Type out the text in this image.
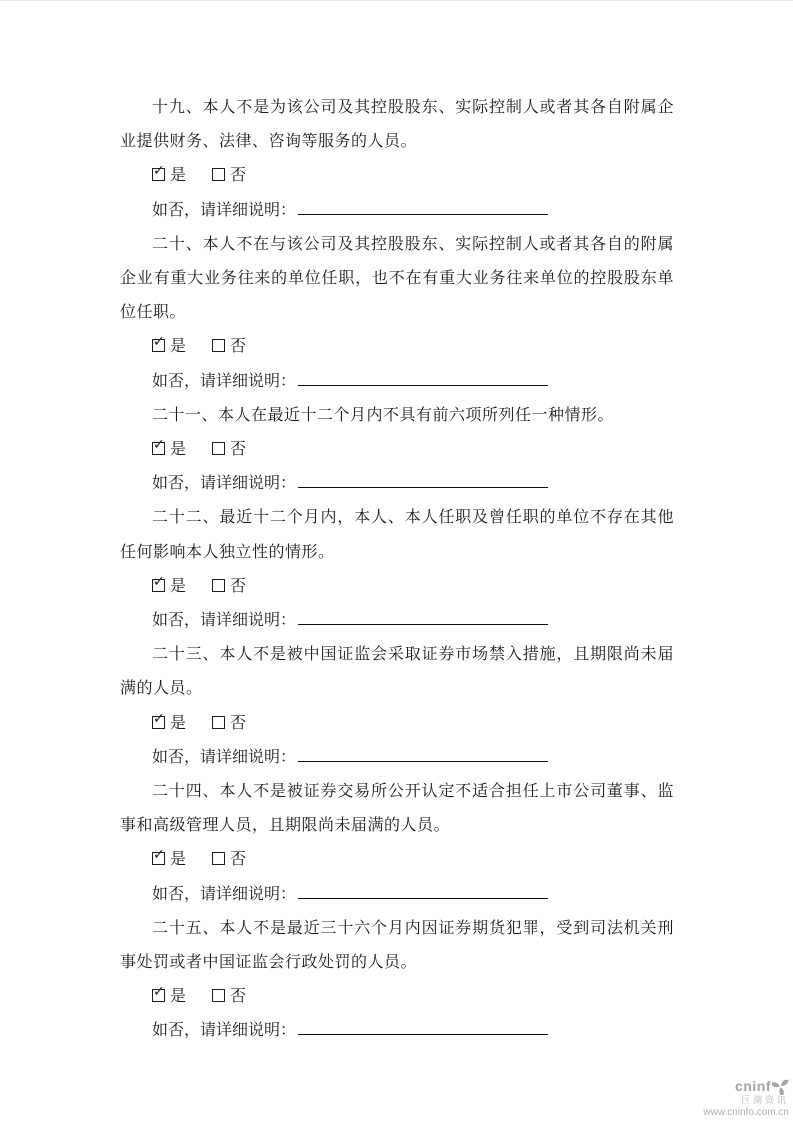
十九、本人不是为该公司及其控股股东、实际控制人或者其各自附属企业提供财务、法律、咨询等服务的人员。

✓ 是	否
如否，请详细说明：

二十、本人不在与该公司及其控股股东、实际控制人或者其各自的附属企业有重大业务往来的单位任职，也不在有重大业务往来单位的控股股东单位任职。

✓ 是	否
如否，请详细说明：

二十一、本人在最近十二个月内不具有前六项所列任一种情形。

✓ 是	否
如否，请详细说明：

二十二、最近十二个月内，本人、本人任职及曾任职的单位不存在其他任何影响本人独立性的情形。

✓ 是	否
如否，请详细说明：

二十三、本人不是被中国证监会采取证券市场禁入措施，且期限尚未届满的人员。

✓ 是	否
如否，请详细说明：

二十四、本人不是被证券交易所公开认定不适合担任上市公司董事、监事和高级管理人员，且期限尚未届满的人员。

✓ 是	否
如否，请详细说明：

二十五、本人不是最近三十六个月内因证券期货犯罪，受到司法机关刑事处罚或者中国证监会行政处罚的人员。

✓ 是	否
如否，请详细说明：
cninf
巨潮资讯
www.cninfo.com.cn
